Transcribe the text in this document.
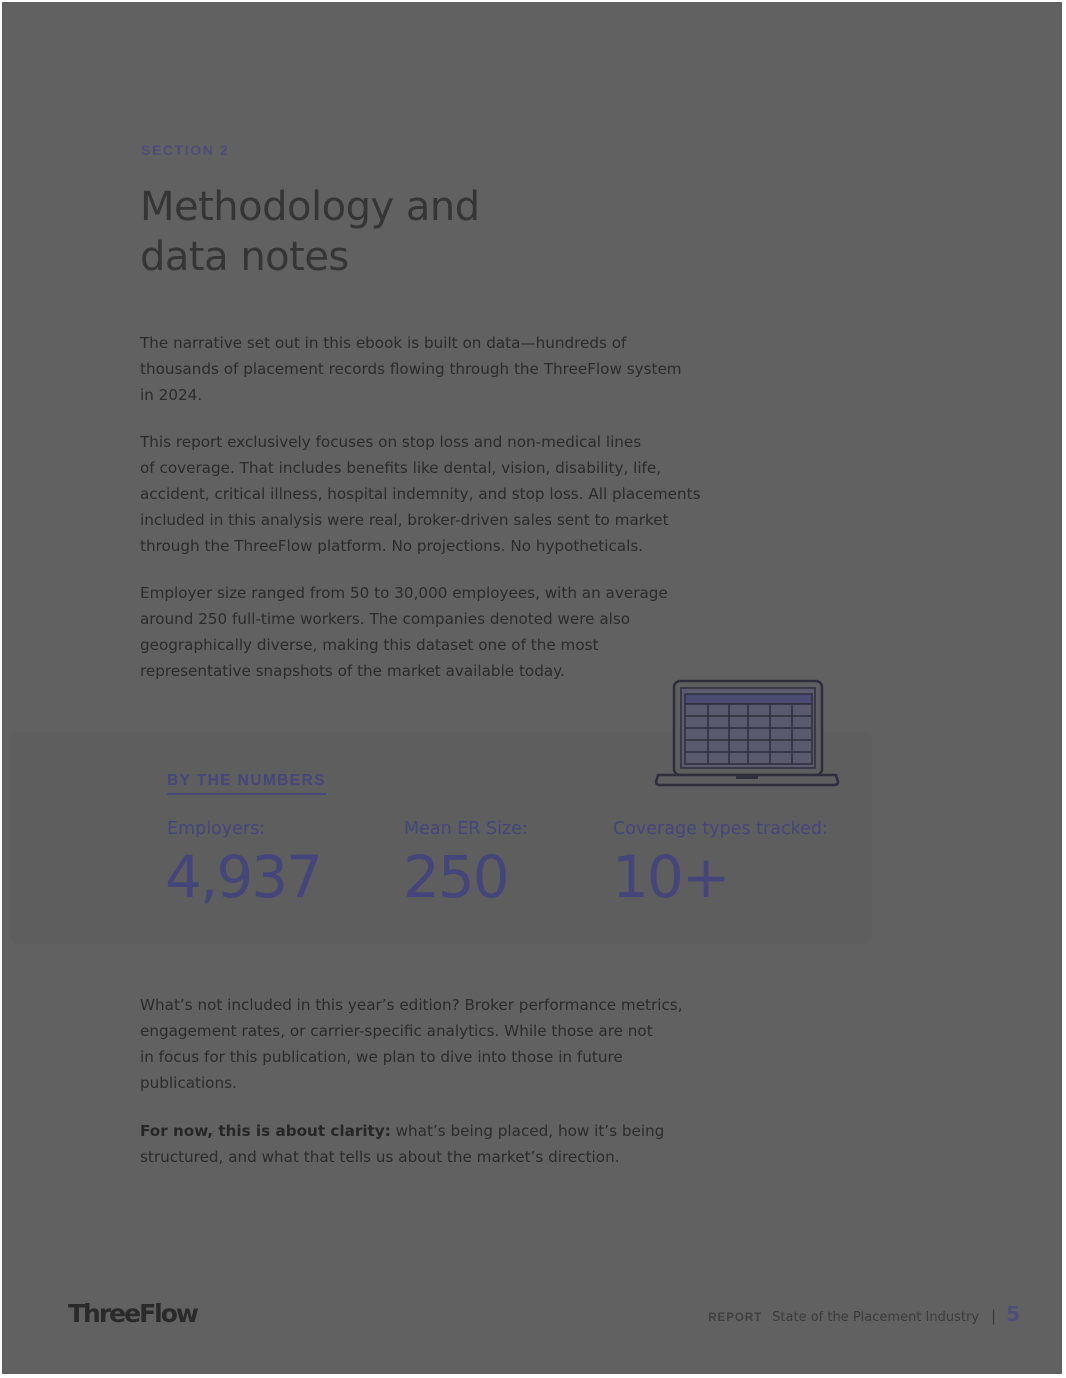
SECTION 2
Methodology and
data notes

The narrative set out in this ebook is built on data—hundreds of
thousands of placement records flowing through the ThreeFlow system
in 2024.

This report exclusively focuses on stop loss and non-medical lines
of coverage. That includes benefits like dental, vision, disability, life,
accident, critical illness, hospital indemnity, and stop loss. All placements
included in this analysis were real, broker-driven sales sent to market
through the ThreeFlow platform. No projections. No hypotheticals.

Employer size ranged from 50 to 30,000 employees, with an average
around 250 full-time workers. The companies denoted were also
geographically diverse, making this dataset one of the most
representative snapshots of the market available today.

BY THE NUMBERS
Employers:
4,937
Mean ER Size:
250
Coverage types tracked:
10+

What’s not included in this year’s edition? Broker performance metrics,
engagement rates, or carrier-specific analytics. While those are not
in focus for this publication, we plan to dive into those in future
publications.

For now, this is about clarity: what’s being placed, how it’s being
structured, and what that tells us about the market’s direction.

ThreeFlow	REPORT State of the Placement Industry | 5
